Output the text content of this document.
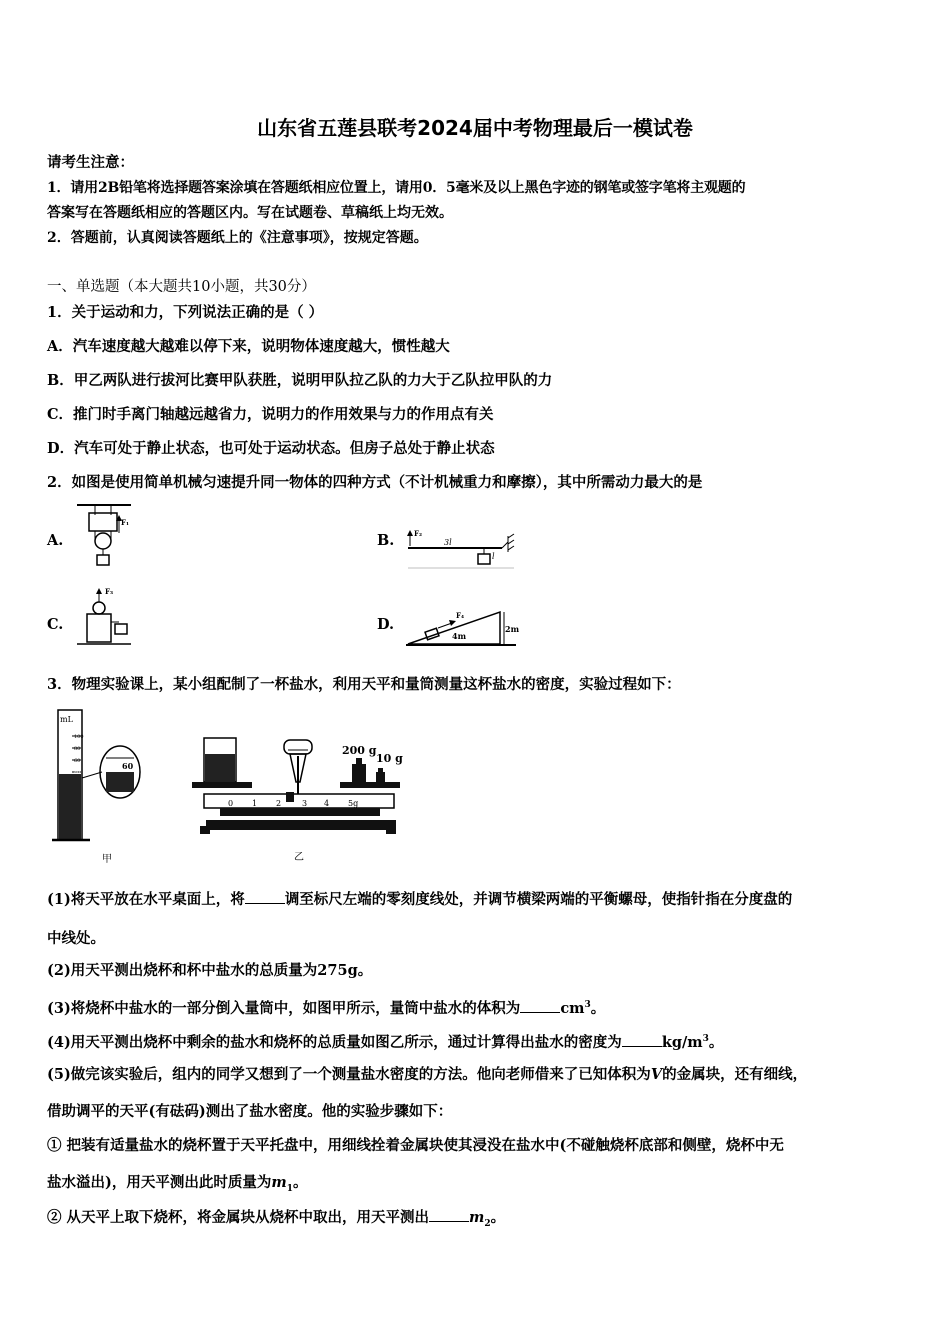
山东省五莲县联考2024届中考物理最后一模试卷
请考生注意：
1．请用2B铅笔将选择题答案涂填在答题纸相应位置上，请用0．5毫米及以上黑色字迹的钢笔或签字笔将主观题的
答案写在答题纸相应的答题区内。写在试题卷、草稿纸上均无效。
2．答题前，认真阅读答题纸上的《注意事项》，按规定答题。
一、单选题（本大题共10小题，共30分）
1．关于运动和力，下列说法正确的是（ ）
A．汽车速度越大越难以停下来，说明物体速度越大，惯性越大
B．甲乙两队进行拔河比赛甲队获胜，说明甲队拉乙队的力大于乙队拉甲队的力
C．推门时手离门轴越远越省力，说明力的作用效果与力的作用点有关
D．汽车可处于静止状态，也可处于运动状态。但房子总处于静止状态
2．如图是使用简单机械匀速提升同一物体的四种方式（不计机械重力和摩擦），其中所需动力最大的是
A.	B.
C.	D.
F₁
F₂
3l
l
F₃
F₄
4m
2m
3．物理实验课上，某小组配制了一杯盐水，利用天平和量筒测量这杯盐水的密度，实验过程如下：
mL
100
80
60
40
60
甲
200 g
10 g
0 1 2	3 4 5g
乙
(1)将天平放在水平桌面上，将	调至标尺左端的零刻度线处，并调节横梁两端的平衡螺母，使指针指在分度盘的
中线处。
(2)用天平测出烧杯和杯中盐水的总质量为275g。
(3)将烧杯中盐水的一部分倒入量筒中，如图甲所示，量筒中盐水的体积为	$cm^3$。
(4)用天平测出烧杯中剩余的盐水和烧杯的总质量如图乙所示，通过计算得出盐水的密度为	$kg/m^3$。
(5)做完该实验后，组内的同学又想到了一个测量盐水密度的方法。他向老师借来了已知体积为V的金属块，还有细线，
借助调平的天平(有砝码)测出了盐水密度。他的实验步骤如下：
① 把装有适量盐水的烧杯置于天平托盘中，用细线拴着金属块使其浸没在盐水中(不碰触烧杯底部和侧壁，烧杯中无
盐水溢出)，用天平测出此时质量为$m_1$。
② 从天平上取下烧杯，将金属块从烧杯中取出，用天平测出	$m_2$。
